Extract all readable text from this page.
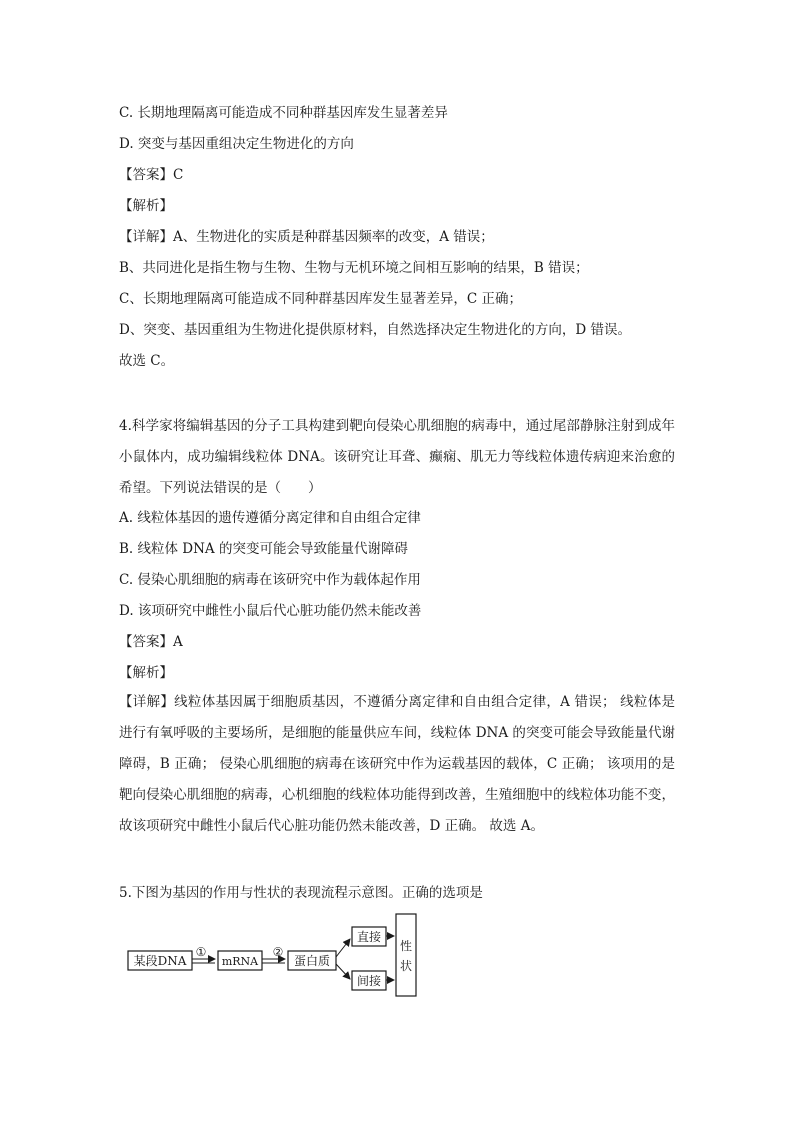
C. 长期地理隔离可能造成不同种群基因库发生显著差异
D. 突变与基因重组决定生物进化的方向
【答案】C
【解析】
【详解】A、生物进化的实质是种群基因频率的改变，A 错误；
B、共同进化是指生物与生物、生物与无机环境之间相互影响的结果，B 错误；
C、长期地理隔离可能造成不同种群基因库发生显著差异，C 正确；
D、突变、基因重组为生物进化提供原材料，自然选择决定生物进化的方向，D 错误。
故选 C。
4.科学家将编辑基因的分子工具构建到靶向侵染心肌细胞的病毒中，通过尾部静脉注射到成年小鼠体内，成功编辑线粒体 DNA。该研究让耳聋、癫痫、肌无力等线粒体遗传病迎来治愈的希望。下列说法错误的是（　　）
A. 线粒体基因的遗传遵循分离定律和自由组合定律
B. 线粒体 DNA 的突变可能会导致能量代谢障碍
C. 侵染心肌细胞的病毒在该研究中作为载体起作用
D. 该项研究中雌性小鼠后代心脏功能仍然未能改善
【答案】A
【解析】
【详解】线粒体基因属于细胞质基因，不遵循分离定律和自由组合定律，A 错误； 线粒体是进行有氧呼吸的主要场所，是细胞的能量供应车间，线粒体 DNA 的突变可能会导致能量代谢障碍，B 正确； 侵染心肌细胞的病毒在该研究中作为运载基因的载体，C 正确； 该项用的是靶向侵染心肌细胞的病毒，心机细胞的线粒体功能得到改善，生殖细胞中的线粒体功能不变，故该项研究中雌性小鼠后代心脏功能仍然未能改善，D 正确。 故选 A。
5.下图为基因的作用与性状的表现流程示意图。正确的选项是
某段DNA
①
mRNA
②
蛋白质
直接
间接
性
状
